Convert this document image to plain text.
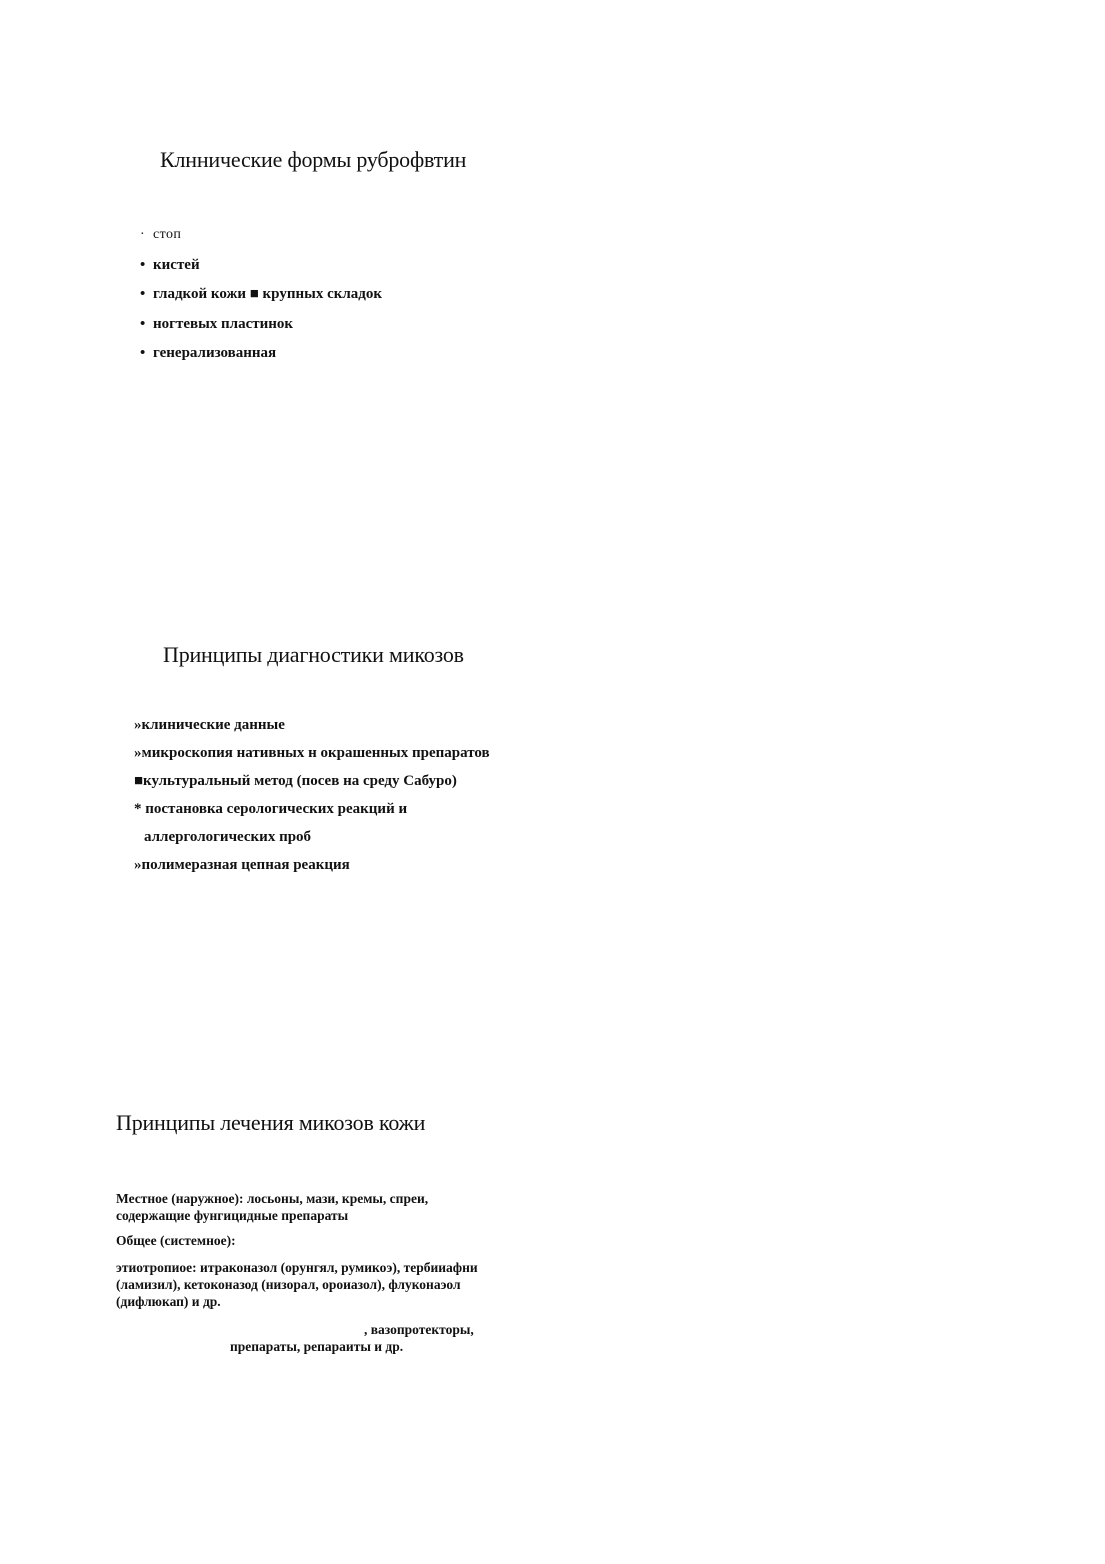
Клннические формы руброфвтин
· стоп
• кистей
• гладкой кожи ■ крупных складок
• ногтевых пластинок
• генерализованная
Принципы диагностики микозов
»клинические данные
»микроскопия нативных н окрашенных препаратов
■культуральный метод (посев на среду Сабуро)
* постановка серологических реакций и
аллергологических проб
»полимеразная цепная реакция
Принципы лечения микозов кожи

Местное (наружное): лосьоны, мази, кремы, спреи,
содержащие фунгицидные препараты

Общее (системное):

этиотропиое: итраконазол (орунгял, румикоэ), тербииафни
(ламизил), кетоконазод (низорал, ороиазол), флуконаэол
(дифлюкап) и др.

, вазопротекторы,

препараты, репараиты и др.
